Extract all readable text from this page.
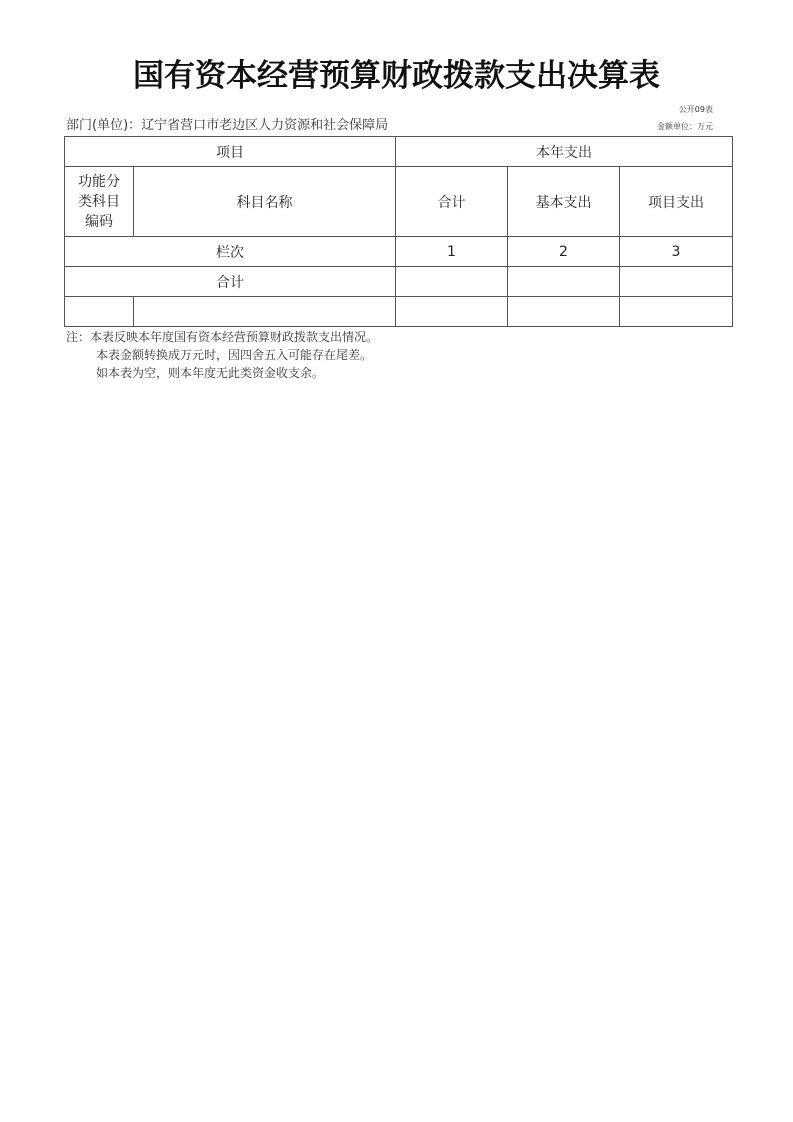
国有资本经营预算财政拨款支出决算表
公开09表
金额单位：万元
部门(单位)：辽宁省营口市老边区人力资源和社会保障局
项目		本年支出		
功能分类科目编码	科目名称	合计	基本支出	项目支出
栏次		1	2	3
合计				

注：本表反映本年度国有资本经营预算财政拨款支出情况。
本表金额转换成万元时，因四舍五入可能存在尾差。
如本表为空，则本年度无此类资金收支余。
